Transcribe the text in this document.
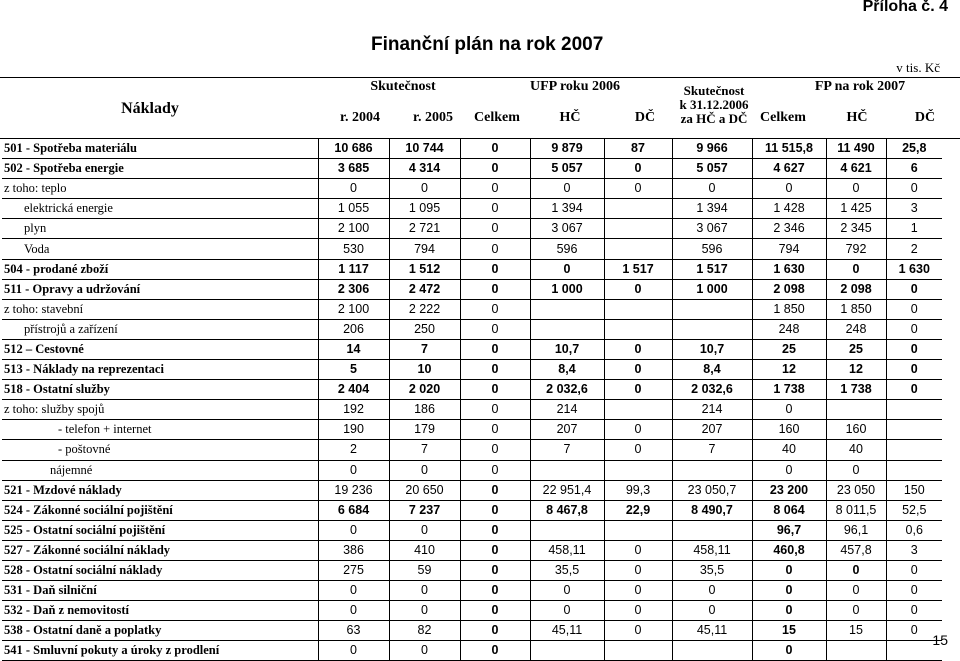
Příloha č. 4
Finanční plán na rok 2007
v tis. Kč
Náklady
Skutečnost
r. 2004	r. 2005
UFP roku 2006
Celkem	HČ	DČ
Skutečnost
k 31.12.2006
za HČ a DČ
FP na rok 2007
Celkem	HČ	DČ
501 - Spotřeba materiálu	10 686	10 744	0	9 879	87	9 966	11 515,8	11 490	25,8
502 - Spotřeba energie	3 685	4 314	0	5 057	0	5 057	4 627	4 621	6
z toho: teplo	0	0	0	0	0	0	0	0	0
elektrická energie	1 055	1 095	0	1 394		1 394	1 428	1 425	3
plyn	2 100	2 721	0	3 067		3 067	2 346	2 345	1
Voda	530	794	0	596		596	794	792	2
504 - prodané zboží	1 117	1 512	0	0	1 517	1 517	1 630	0	1 630
511 - Opravy a udržování	2 306	2 472	0	1 000	0	1 000	2 098	2 098	0
z toho: stavební	2 100	2 222	0				1 850	1 850	0
přístrojů a zařízení	206	250	0				248	248	0
512 – Cestovné	14	7	0	10,7	0	10,7	25	25	0
513 - Náklady na reprezentaci	5	10	0	8,4	0	8,4	12	12	0
518 - Ostatní služby	2 404	2 020	0	2 032,6	0	2 032,6	1 738	1 738	0
z toho: služby spojů	192	186	0	214		214	0		
- telefon + internet	190	179	0	207	0	207	160	160	
- poštovné	2	7	0	7	0	7	40	40	
nájemné	0	0	0				0	0	
521 - Mzdové náklady	19 236	20 650	0	22 951,4	99,3	23 050,7	23 200	23 050	150
524 - Zákonné sociální pojištění	6 684	7 237	0	8 467,8	22,9	8 490,7	8 064	8 011,5	52,5
525 - Ostatní sociální pojištění	0	0	0				96,7	96,1	0,6
527 - Zákonné sociální náklady	386	410	0	458,11	0	458,11	460,8	457,8	3
528 - Ostatní sociální náklady	275	59	0	35,5	0	35,5	0	0	0
531 - Daň silniční	0	0	0	0	0	0	0	0	0
532 - Daň z nemovitostí	0	0	0	0	0	0	0	0	0
538 - Ostatní daně a poplatky	63	82	0	45,11	0	45,11	15	15	0
541 - Smluvní pokuty a úroky z prodlení	0	0	0				0		
15
